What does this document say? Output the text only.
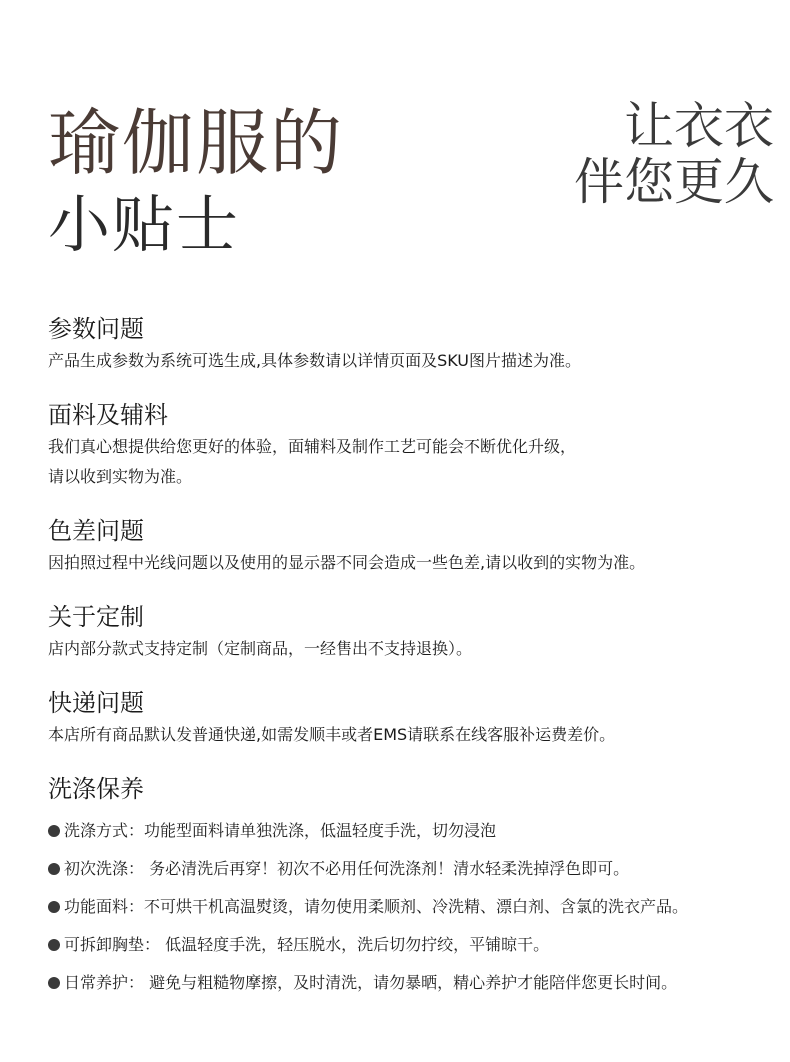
瑜伽服的
小贴士
让衣衣
伴您更久
参数问题
产品生成参数为系统可选生成,具体参数请以详情页面及SKU图片描述为准。
面料及辅料
我们真心想提供给您更好的体验，面辅料及制作工艺可能会不断优化升级，
请以收到实物为准。
色差问题
因拍照过程中光线问题以及使用的显示器不同会造成一些色差,请以收到的实物为准。
关于定制
店内部分款式支持定制（定制商品，一经售出不支持退换）。
快递问题
本店所有商品默认发普通快递,如需发顺丰或者EMS请联系在线客服补运费差价。
洗涤保养
洗涤方式：功能型面料请单独洗涤，低温轻度手洗，切勿浸泡
初次洗涤： 务必清洗后再穿！初次不必用任何洗涤剂！清水轻柔洗掉浮色即可。
功能面料：不可烘干机高温熨烫，请勿使用柔顺剂、冷洗精、漂白剂、含氯的洗衣产品。
可拆卸胸垫： 低温轻度手洗，轻压脱水，洗后切勿拧绞，平铺晾干。
日常养护： 避免与粗糙物摩擦，及时清洗，请勿暴晒，精心养护才能陪伴您更长时间。
